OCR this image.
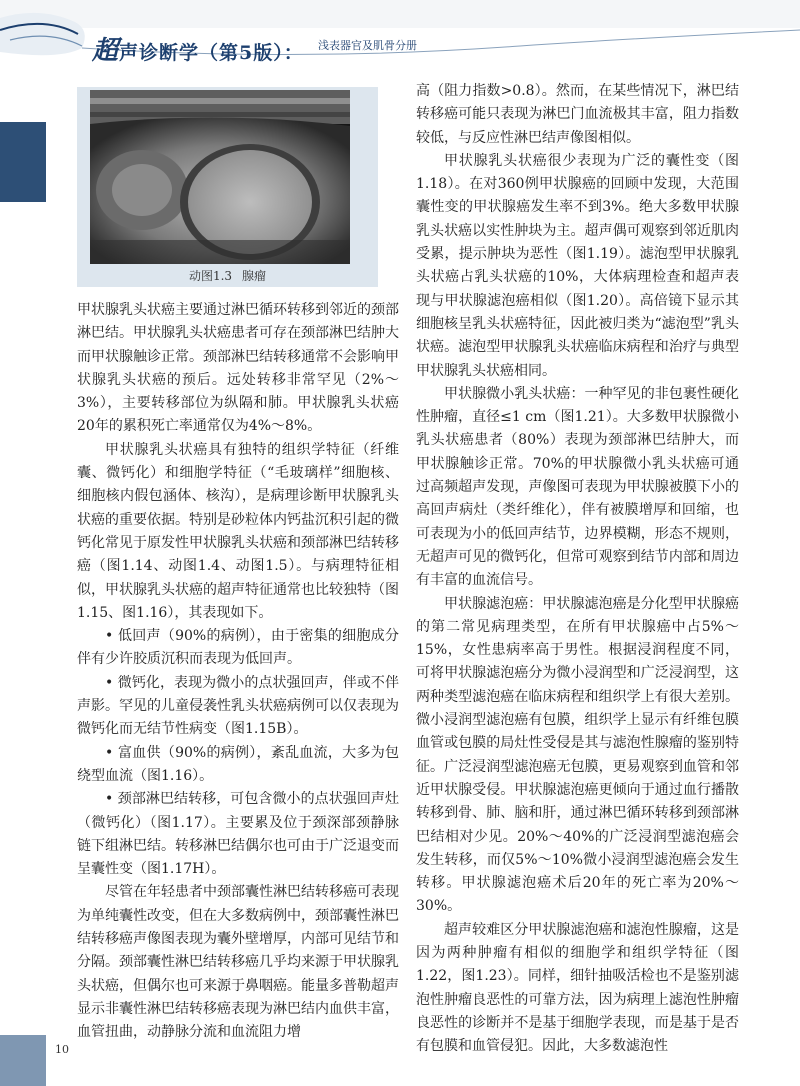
超声诊断学（第5版）： 浅表器官及肌骨分册
10
动图1.3 腺瘤

甲状腺乳头状癌主要通过淋巴循环转移到邻近的颈部淋巴结。甲状腺乳头状癌患者可存在颈部淋巴结肿大而甲状腺触诊正常。颈部淋巴结转移通常不会影响甲状腺乳头状癌的预后。远处转移非常罕见（2%～3%），主要转移部位为纵隔和肺。甲状腺乳头状癌20年的累积死亡率通常仅为4%～8%。

甲状腺乳头状癌具有独特的组织学特征（纤维囊、微钙化）和细胞学特征（“毛玻璃样”细胞核、细胞核内假包涵体、核沟），是病理诊断甲状腺乳头状癌的重要依据。特别是砂粒体内钙盐沉积引起的微钙化常见于原发性甲状腺乳头状癌和颈部淋巴结转移癌（图1.14、动图1.4、动图1.5）。与病理特征相似，甲状腺乳头状癌的超声特征通常也比较独特（图1.15、图1.16），其表现如下。

• 低回声（90%的病例），由于密集的细胞成分伴有少许胶质沉积而表现为低回声。

• 微钙化，表现为微小的点状强回声，伴或不伴声影。罕见的儿童侵袭性乳头状癌病例可以仅表现为微钙化而无结节性病变（图1.15B）。

• 富血供（90%的病例），紊乱血流，大多为包绕型血流（图1.16）。

• 颈部淋巴结转移，可包含微小的点状强回声灶（微钙化）（图1.17）。主要累及位于颈深部颈静脉链下组淋巴结。转移淋巴结偶尔也可由于广泛退变而呈囊性变（图1.17H）。

尽管在年轻患者中颈部囊性淋巴结转移癌可表现为单纯囊性改变，但在大多数病例中，颈部囊性淋巴结转移癌声像图表现为囊外壁增厚，内部可见结节和分隔。颈部囊性淋巴结转移癌几乎均来源于甲状腺乳头状癌，但偶尔也可来源于鼻咽癌。能量多普勒超声显示非囊性淋巴结转移癌表现为淋巴结内血供丰富，血管扭曲，动静脉分流和血流阻力增

高（阻力指数>0.8）。然而，在某些情况下，淋巴结转移癌可能只表现为淋巴门血流极其丰富，阻力指数较低，与反应性淋巴结声像图相似。

甲状腺乳头状癌很少表现为广泛的囊性变（图1.18）。在对360例甲状腺癌的回顾中发现，大范围囊性变的甲状腺癌发生率不到3%。绝大多数甲状腺乳头状癌以实性肿块为主。超声偶可观察到邻近肌肉受累，提示肿块为恶性（图1.19）。滤泡型甲状腺乳头状癌占乳头状癌的10%，大体病理检查和超声表现与甲状腺滤泡癌相似（图1.20）。高倍镜下显示其细胞核呈乳头状癌特征，因此被归类为“滤泡型”乳头状癌。滤泡型甲状腺乳头状癌临床病程和治疗与典型甲状腺乳头状癌相同。

甲状腺微小乳头状癌：一种罕见的非包裹性硬化性肿瘤，直径≤1 cm（图1.21）。大多数甲状腺微小乳头状癌患者（80%）表现为颈部淋巴结肿大，而甲状腺触诊正常。70%的甲状腺微小乳头状癌可通过高频超声发现，声像图可表现为甲状腺被膜下小的高回声病灶（类纤维化），伴有被膜增厚和回缩，也可表现为小的低回声结节，边界模糊，形态不规则，无超声可见的微钙化，但常可观察到结节内部和周边有丰富的血流信号。

甲状腺滤泡癌：甲状腺滤泡癌是分化型甲状腺癌的第二常见病理类型，在所有甲状腺癌中占5%～15%，女性患病率高于男性。根据浸润程度不同，可将甲状腺滤泡癌分为微小浸润型和广泛浸润型，这两种类型滤泡癌在临床病程和组织学上有很大差别。微小浸润型滤泡癌有包膜，组织学上显示有纤维包膜血管或包膜的局灶性受侵是其与滤泡性腺瘤的鉴别特征。广泛浸润型滤泡癌无包膜，更易观察到血管和邻近甲状腺受侵。甲状腺滤泡癌更倾向于通过血行播散转移到骨、肺、脑和肝，通过淋巴循环转移到颈部淋巴结相对少见。20%～40%的广泛浸润型滤泡癌会发生转移，而仅5%～10%微小浸润型滤泡癌会发生转移。甲状腺滤泡癌术后20年的死亡率为20%～30%。

超声较难区分甲状腺滤泡癌和滤泡性腺瘤，这是因为两种肿瘤有相似的细胞学和组织学特征（图1.22，图1.23）。同样，细针抽吸活检也不是鉴别滤泡性肿瘤良恶性的可靠方法，因为病理上滤泡性肿瘤良恶性的诊断并不是基于细胞学表现，而是基于是否有包膜和血管侵犯。因此，大多数滤泡性
